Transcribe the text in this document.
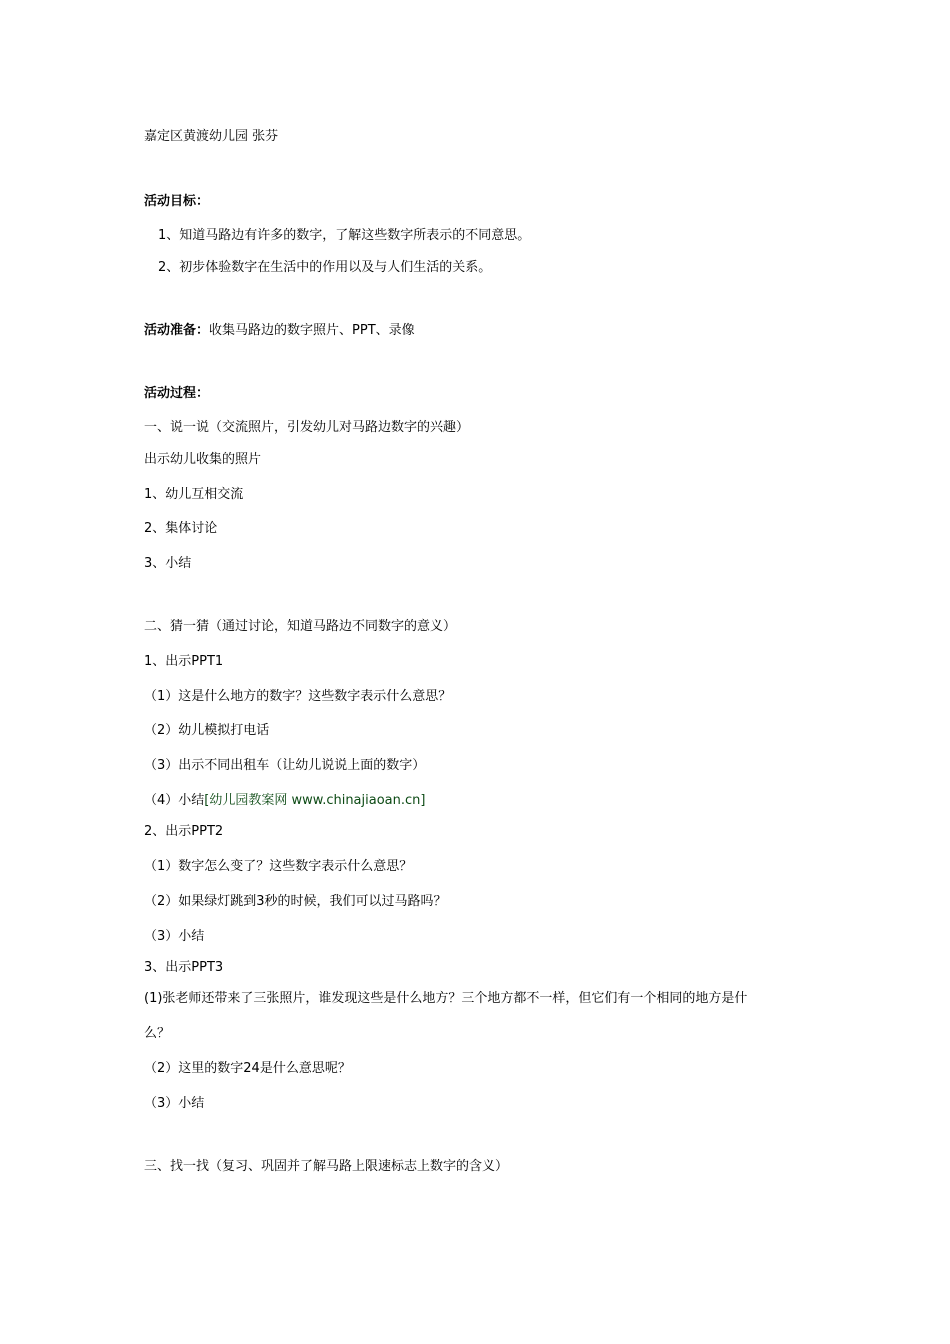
嘉定区黄渡幼儿园 张芬
活动目标：
1、知道马路边有许多的数字，了解这些数字所表示的不同意思。
2、初步体验数字在生活中的作用以及与人们生活的关系。
活动准备：收集马路边的数字照片、PPT、录像
活动过程：
一、说一说（交流照片，引发幼儿对马路边数字的兴趣）
出示幼儿收集的照片
1、幼儿互相交流
2、集体讨论
3、小结
二、猜一猜（通过讨论，知道马路边不同数字的意义）
1、出示PPT1
（1）这是什么地方的数字？这些数字表示什么意思？
（2）幼儿模拟打电话
（3）出示不同出租车（让幼儿说说上面的数字）
（4）小结[幼儿园教案网 www.chinajiaoan.cn]
2、出示PPT2
（1）数字怎么变了？这些数字表示什么意思？
（2）如果绿灯跳到3秒的时候，我们可以过马路吗？
（3）小结
3、出示PPT3
(1)张老师还带来了三张照片，谁发现这些是什么地方？三个地方都不一样，但它们有一个相同的地方是什
么？
（2）这里的数字24是什么意思呢？
（3）小结
三、找一找（复习、巩固并了解马路上限速标志上数字的含义）
